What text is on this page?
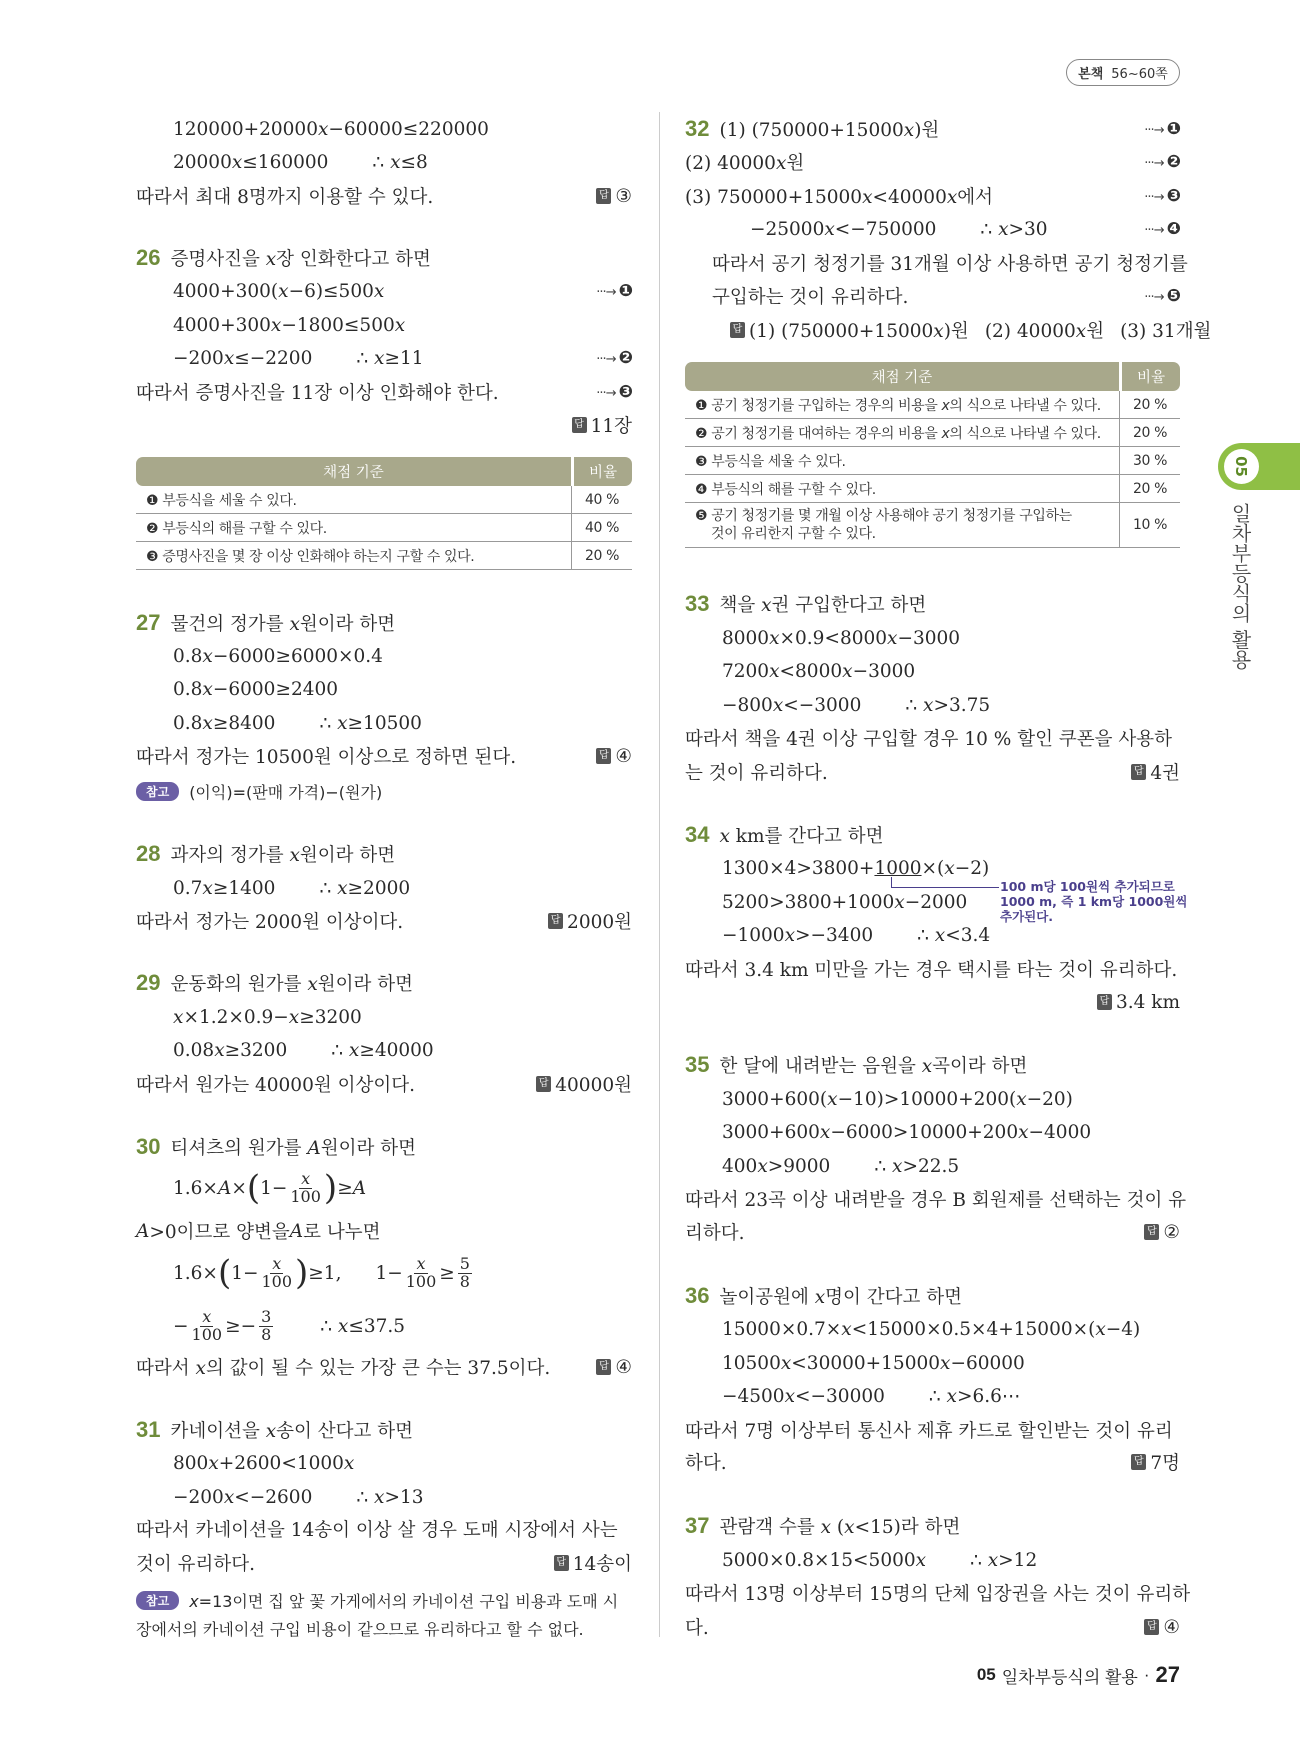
본책 56~60쪽
05
일차부등식의 활용
120000+20000 x −60000≤220000
20000x≤160000 ∴ x≤8
따라서 최대 8명까지 이용할 수 있다.	답 ③
26 증명사진을 x장 인화한다고 하면
4000+300(x−6)≤500x	···→ ❶
4000+300 x −1800≤500 x
−200x≤−2200 ∴ x≥11	···→ ❷
따라서 증명사진을 11장 이상 인화해야 한다.	···→ ❸
답 11장
채점 기준	비율
❶ 부등식을 세울 수 있다.	40 %
❷ 부등식의 해를 구할 수 있다.	40 %
❸ 증명사진을 몇 장 이상 인화해야 하는지 구할 수 있다.	20 %
27 물건의 정가를 x원이라 하면
0.8 x −6000≥6000×0.4
0.8 x −6000≥2400
0.8x≥8400 ∴ x≥10500
따라서 정가는 10500원 이상으로 정하면 된다.	답 ④
참고	(이익)=(판매 가격)−(원가)
28 과자의 정가를 x원이라 하면
0.7x≥1400 ∴ x≥2000
따라서 정가는 2000원 이상이다.	답 2000원
29 운동화의 원가를 x원이라 하면
x ×1.2×0.9− x ≥3200
0.08x≥3200 ∴ x≥40000
따라서 원가는 40000원 이상이다.	답 40000원
30 티셔츠의 원가를 A원이라 하면
1.6×A× ( $1- \frac{x}{100}$ ) ≥A
A >0이므로 양변을 A 로 나누면
1.6× ( $1- \frac{x}{100}$ ) ≥1, $1- \frac{x}{100} \ge \frac{5}{8}$
− $\frac{x}{100} \ge- \frac{3}{8}$	∴ x≤37.5
따라서 x의 값이 될 수 있는 가장 큰 수는 37.5이다.	답 ④
31 카네이션을 x송이 산다고 하면
800 x +2600<1000 x
−200x<−2600 ∴ x>13
따라서 카네이션을 14송이 이상 살 경우 도매 시장에서 사는
것이 유리하다.	답 14송이
참고	x=13이면 집 앞 꽃 가게에서의 카네이션 구입 비용과 도매 시
장에서의 카네이션 구입 비용이 같으므로 유리하다고 할 수 없다.
32 (1) (750000+15000x)원	···→ ❶
(2) 40000x원	···→ ❷
(3) 750000+15000x<40000x에서	···→ ❸
−25000x<−750000 ∴ x>30	···→ ❹
따라서 공기 청정기를 31개월 이상 사용하면 공기 청정기를
구입하는 것이 유리하다.	···→ ❺
답 (1) (750000+15000x)원 (2) 40000x원 (3) 31개월
채점 기준	비율
❶ 공기 청정기를 구입하는 경우의 비용을 x의 식으로 나타낼 수 있다.	20 %
❷ 공기 청정기를 대여하는 경우의 비용을 x의 식으로 나타낼 수 있다.	20 %
❸ 부등식을 세울 수 있다.	30 %
❹ 부등식의 해를 구할 수 있다.	20 %
❺ 공기 청정기를 몇 개월 이상 사용해야 공기 청정기를 구입하는
것이 유리한지 구할 수 있다.	10 %
33 책을 x권 구입한다고 하면
8000 x ×0.9<8000 x −3000
7200 x <8000 x −3000
−800x<−3000 ∴ x>3.75
따라서 책을 4권 이상 구입할 경우 10 % 할인 쿠폰을 사용하
는 것이 유리하다.	답 4권
34 x km를 간다고 하면
1300×4>3800+ 1000 ×(x−2)
100 m당 100원씩 추가되므로
1000 m, 즉 1 km당 1000원씩
추가된다.
5200>3800+1000 x −2000
−1000x>−3400 ∴ x<3.4
따라서 3.4 km 미만을 가는 경우 택시를 타는 것이 유리하다.
답 3.4 km
35 한 달에 내려받는 음원을 x곡이라 하면
3000+600( x −10)>10000+200( x −20)
3000+600 x −6000>10000+200 x −4000
400x>9000 ∴ x>22.5
따라서 23곡 이상 내려받을 경우 B 회원제를 선택하는 것이 유
리하다.	답 ②
36 놀이공원에 x명이 간다고 하면
15000×0.7× x <15000×0.5×4+15000×( x −4)
10500 x <30000+15000 x −60000
−4500x<−30000 ∴ x>6.6⋯
따라서 7명 이상부터 통신사 제휴 카드로 할인받는 것이 유리
하다.	답 7명
37 관람객 수를 x (x<15)라 하면
5000×0.8×15<5000x ∴ x>12
따라서 13명 이상부터 15명의 단체 입장권을 사는 것이 유리하
다.	답 ④
05 일차부등식의 활용 · 27
